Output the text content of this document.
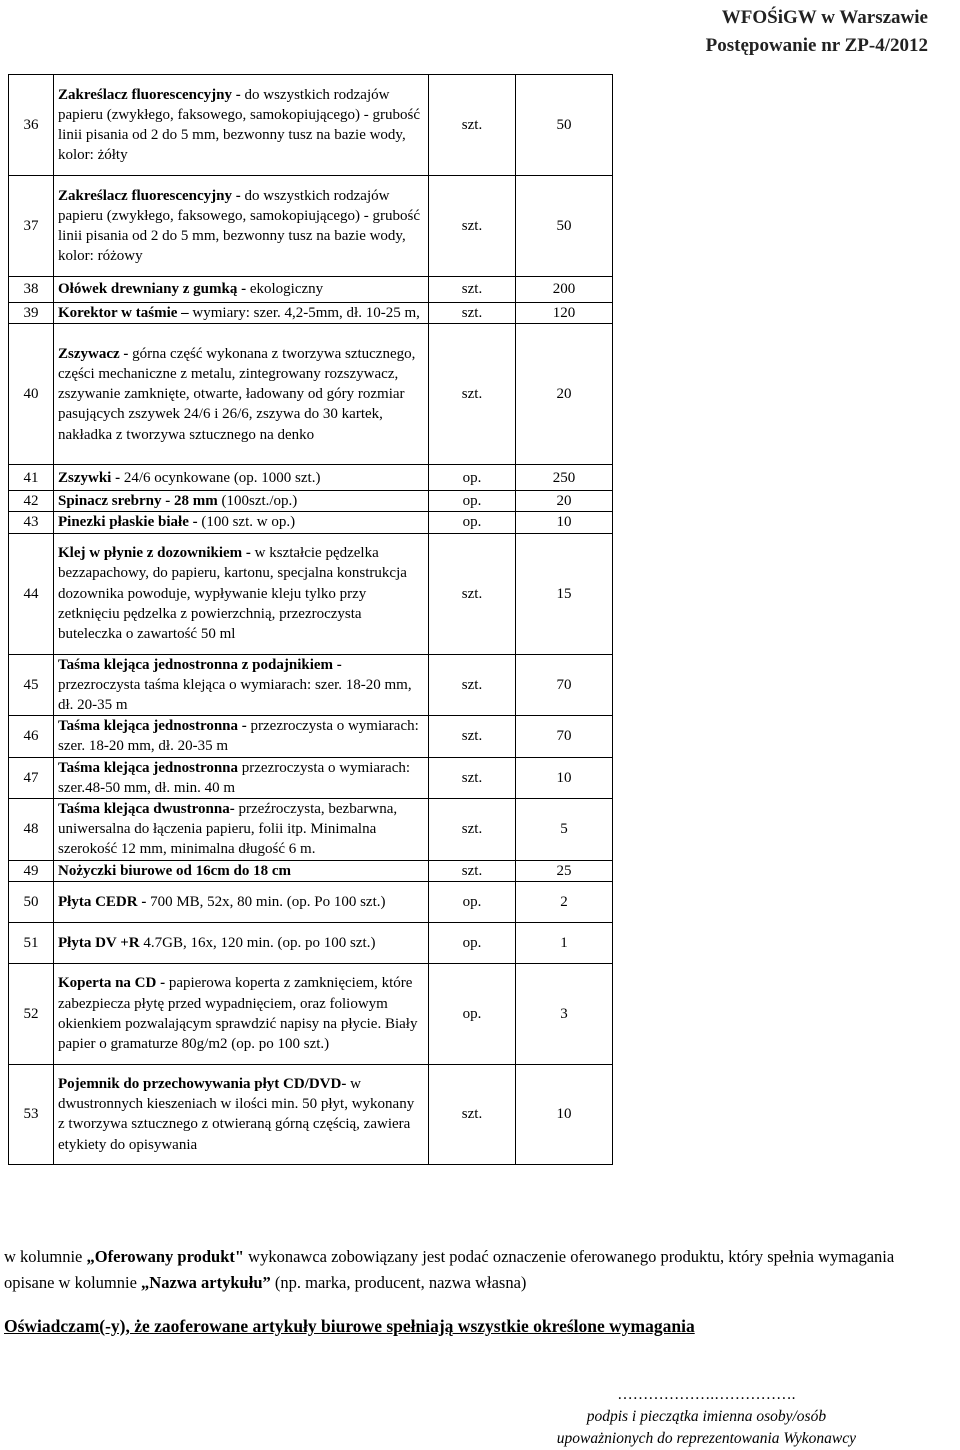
WFOŚiGW w Warszawie
Postępowanie nr ZP-4/2012
36	Zakreślacz fluorescencyjny - do wszystkich rodzajów papieru (zwykłego, faksowego, samokopiującego) - grubość linii pisania od 2 do 5 mm, bezwonny tusz na bazie wody, kolor: żółty	szt.	50	
37	Zakreślacz fluorescencyjny - do wszystkich rodzajów papieru (zwykłego, faksowego, samokopiującego) - grubość linii pisania od 2 do 5 mm, bezwonny tusz na bazie wody, kolor: różowy	szt.	50	
38	Ołówek drewniany z gumką - ekologiczny	szt.	200	
39	Korektor w taśmie – wymiary: szer. 4,2-5mm, dł. 10-25 m,	szt.	120	
40	Zszywacz - górna część wykonana z tworzywa sztucznego, części mechaniczne z metalu, zintegrowany rozszywacz, zszywanie zamknięte, otwarte, ładowany od góry rozmiar pasujących zszywek 24/6 i 26/6, zszywa do 30 kartek, nakładka z tworzywa sztucznego na denko	szt.	20	
41	Zszywki - 24/6 ocynkowane (op. 1000 szt.)	op.	250	
42	Spinacz srebrny - 28 mm (100szt./op.)	op.	20	
43	Pinezki płaskie białe - (100 szt. w op.)	op.	10	
44	Klej w płynie z dozownikiem - w kształcie pędzelka bezzapachowy, do papieru, kartonu, specjalna konstrukcja dozownika powoduje, wypływanie kleju tylko przy zetknięciu pędzelka z powierzchnią, przezroczysta buteleczka o zawartość 50 ml	szt.	15	
45	Taśma klejąca jednostronna z podajnikiem - przezroczysta taśma klejąca o wymiarach: szer. 18-20 mm, dł. 20-35 m	szt.	70	
46	Taśma klejąca jednostronna - przezroczysta o wymiarach: szer. 18-20 mm, dł. 20-35 m	szt.	70	
47	Taśma klejąca jednostronna przezroczysta o wymiarach: szer.48-50 mm, dł. min. 40 m	szt.	10	
48	Taśma klejąca dwustronna- przeźroczysta, bezbarwna, uniwersalna do łączenia papieru, folii itp. Minimalna szerokość 12 mm, minimalna długość 6 m.	szt.	5	
49	Nożyczki biurowe od 16cm do 18 cm	szt.	25	
50	Płyta CEDR - 700 MB, 52x, 80 min. (op. Po 100 szt.)	op.	2	
51	Płyta DV +R 4.7GB, 16x, 120 min. (op. po 100 szt.)	op.	1	
52	Koperta na CD - papierowa koperta z zamknięciem, które zabezpiecza płytę przed wypadnięciem, oraz foliowym okienkiem pozwalającym sprawdzić napisy na płycie. Biały papier o gramaturze 80g/m2 (op. po 100 szt.)	op.	3	
53	Pojemnik do przechowywania płyt CD/DVD- w dwustronnych kieszeniach w ilości min. 50 płyt, wykonany z tworzywa sztucznego z otwieraną górną częścią, zawiera etykiety do opisywania	szt.	10	
w kolumnie „Oferowany produkt" wykonawca zobowiązany jest podać oznaczenie oferowanego produktu, który spełnia wymagania opisane w kolumnie „Nazwa artykułu” (np. marka, producent, nazwa własna)
Oświadczam(-y), że zaoferowane artykuły biurowe spełniają wszystkie określone wymagania
……………….…………….
podpis i pieczątka imienna osoby/osób
upoważnionych do reprezentowania Wykonawcy
